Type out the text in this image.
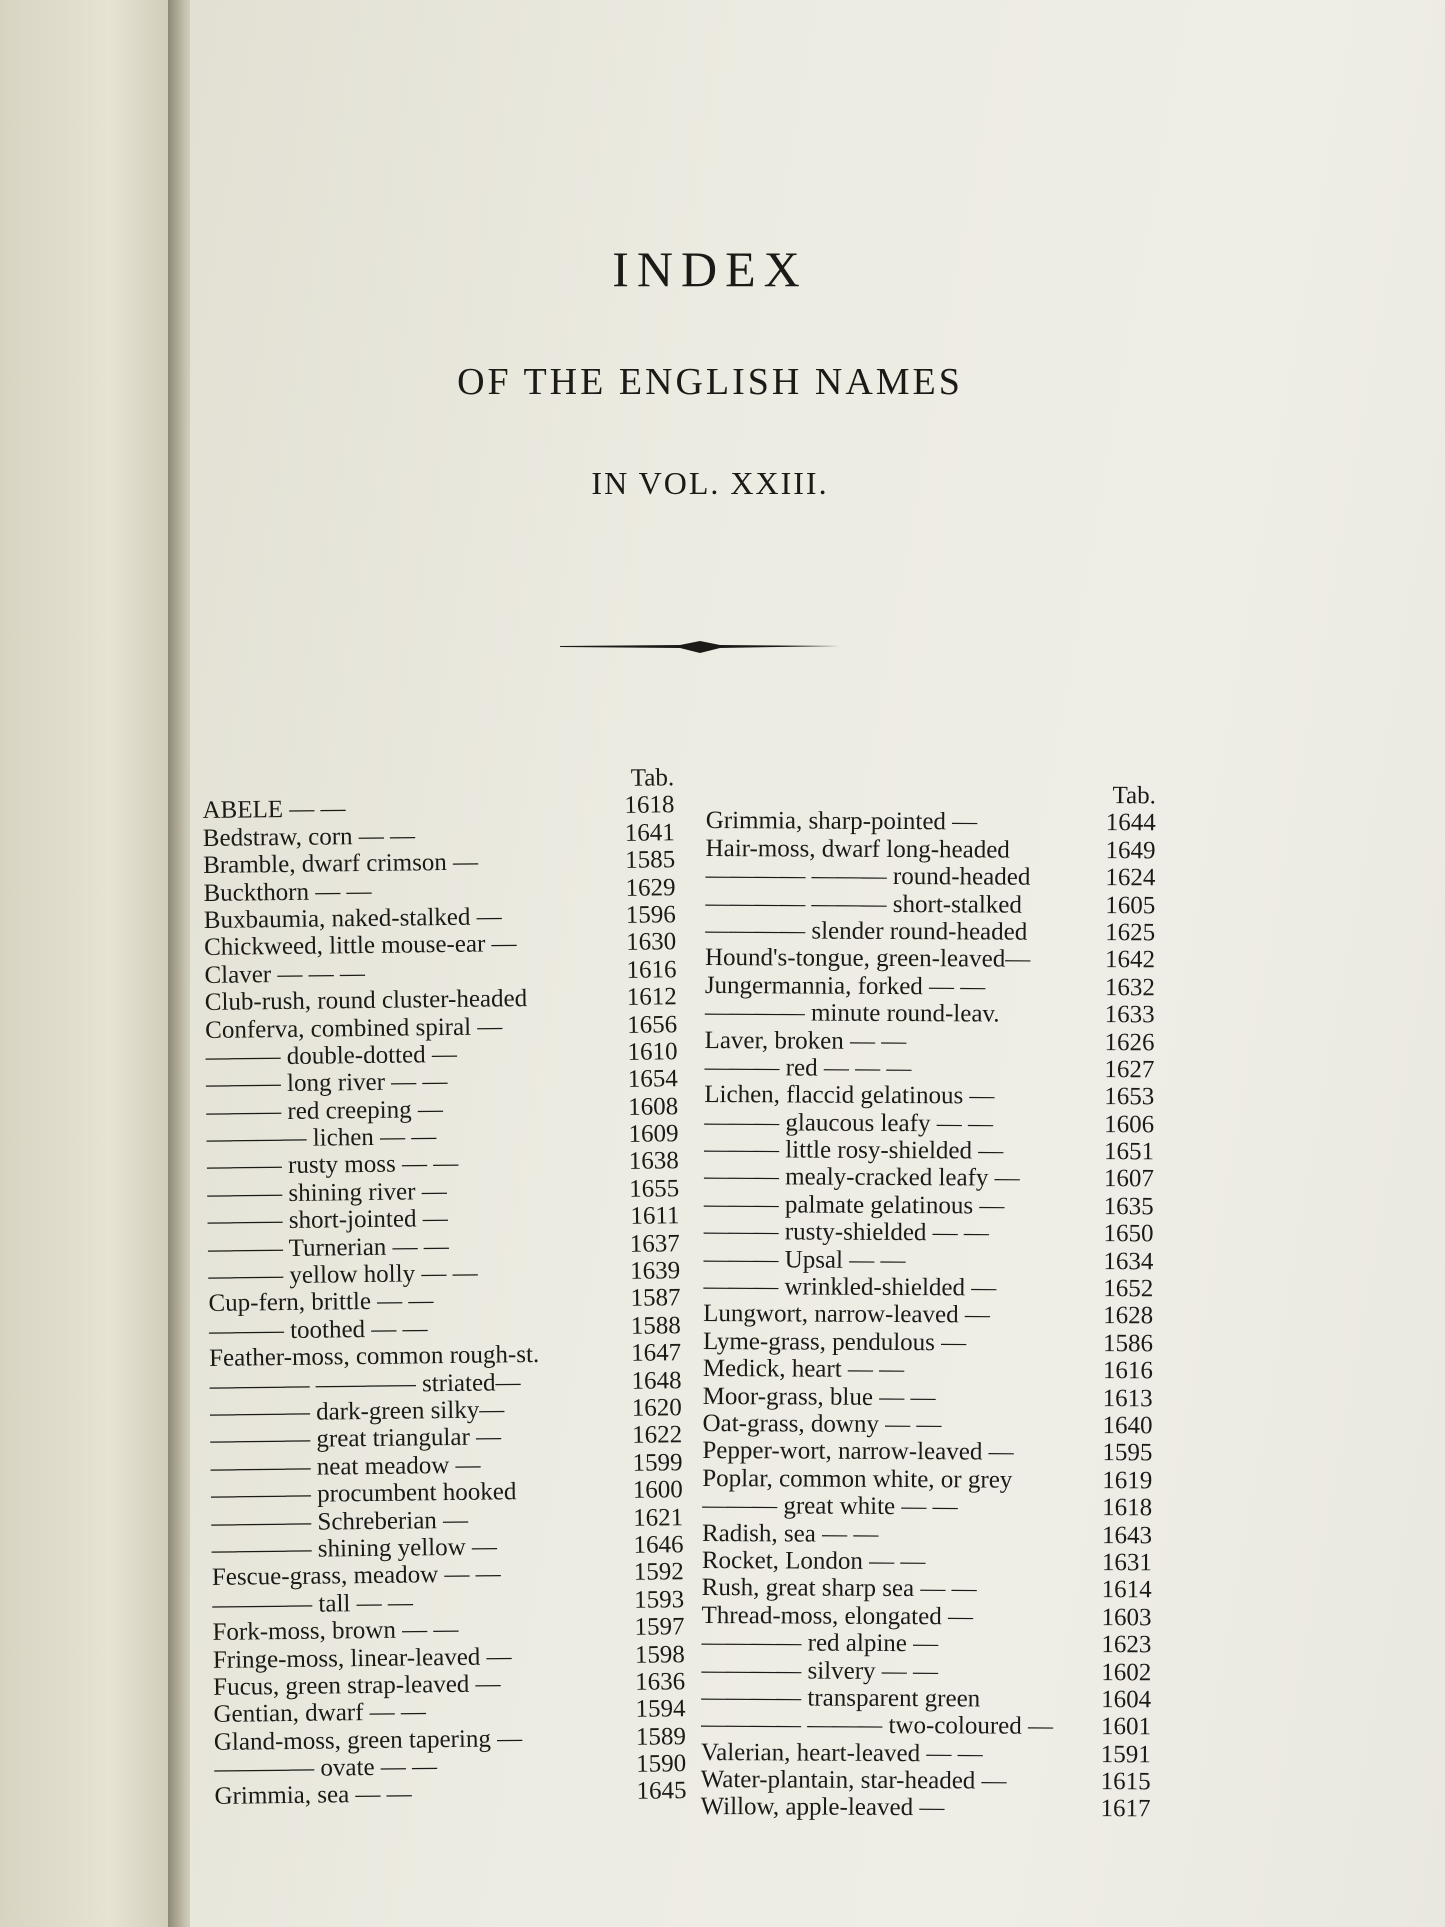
INDEX
OF THE ENGLISH NAMES
IN VOL. XXIII.
Tab.
ABELE — —	1618
Bedstraw, corn — —	1641
Bramble, dwarf crimson —	1585
Buckthorn — —	1629
Buxbaumia, naked-stalked —	1596
Chickweed, little mouse-ear —	1630
Claver — — —	1616
Club-rush, round cluster-headed	1612
Conferva, combined spiral —	1656
——— double-dotted —	1610
——— long river — —	1654
——— red creeping —	1608
———— lichen — —	1609
——— rusty moss — —	1638
——— shining river —	1655
——— short-jointed —	1611
——— Turnerian — —	1637
——— yellow holly — —	1639
Cup-fern, brittle — —	1587
——— toothed — —	1588
Feather-moss, common rough-st.	1647
———— ———— striated—	1648
———— dark-green silky—	1620
———— great triangular —	1622
———— neat meadow —	1599
———— procumbent hooked	1600
———— Schreberian —	1621
———— shining yellow —	1646
Fescue-grass, meadow — —	1592
———— tall — —	1593
Fork-moss, brown — —	1597
Fringe-moss, linear-leaved —	1598
Fucus, green strap-leaved —	1636
Gentian, dwarf — —	1594
Gland-moss, green tapering —	1589
———— ovate — —	1590
Grimmia, sea — —	1645
Tab.
Grimmia, sharp-pointed —	1644
Hair-moss, dwarf long-headed	1649
———— ——— round-headed	1624
———— ——— short-stalked	1605
———— slender round-headed	1625
Hound's-tongue, green-leaved—	1642
Jungermannia, forked — —	1632
———— minute round-leav.	1633
Laver, broken — —	1626
——— red — — —	1627
Lichen, flaccid gelatinous —	1653
——— glaucous leafy — —	1606
——— little rosy-shielded —	1651
——— mealy-cracked leafy —	1607
——— palmate gelatinous —	1635
——— rusty-shielded — —	1650
——— Upsal — —	1634
——— wrinkled-shielded —	1652
Lungwort, narrow-leaved —	1628
Lyme-grass, pendulous —	1586
Medick, heart — —	1616
Moor-grass, blue — —	1613
Oat-grass, downy — —	1640
Pepper-wort, narrow-leaved —	1595
Poplar, common white, or grey	1619
——— great white — —	1618
Radish, sea — —	1643
Rocket, London — —	1631
Rush, great sharp sea — —	1614
Thread-moss, elongated —	1603
———— red alpine —	1623
———— silvery — —	1602
———— transparent green	1604
———— ——— two-coloured —	1601
Valerian, heart-leaved — —	1591
Water-plantain, star-headed —	1615
Willow, apple-leaved —	1617
